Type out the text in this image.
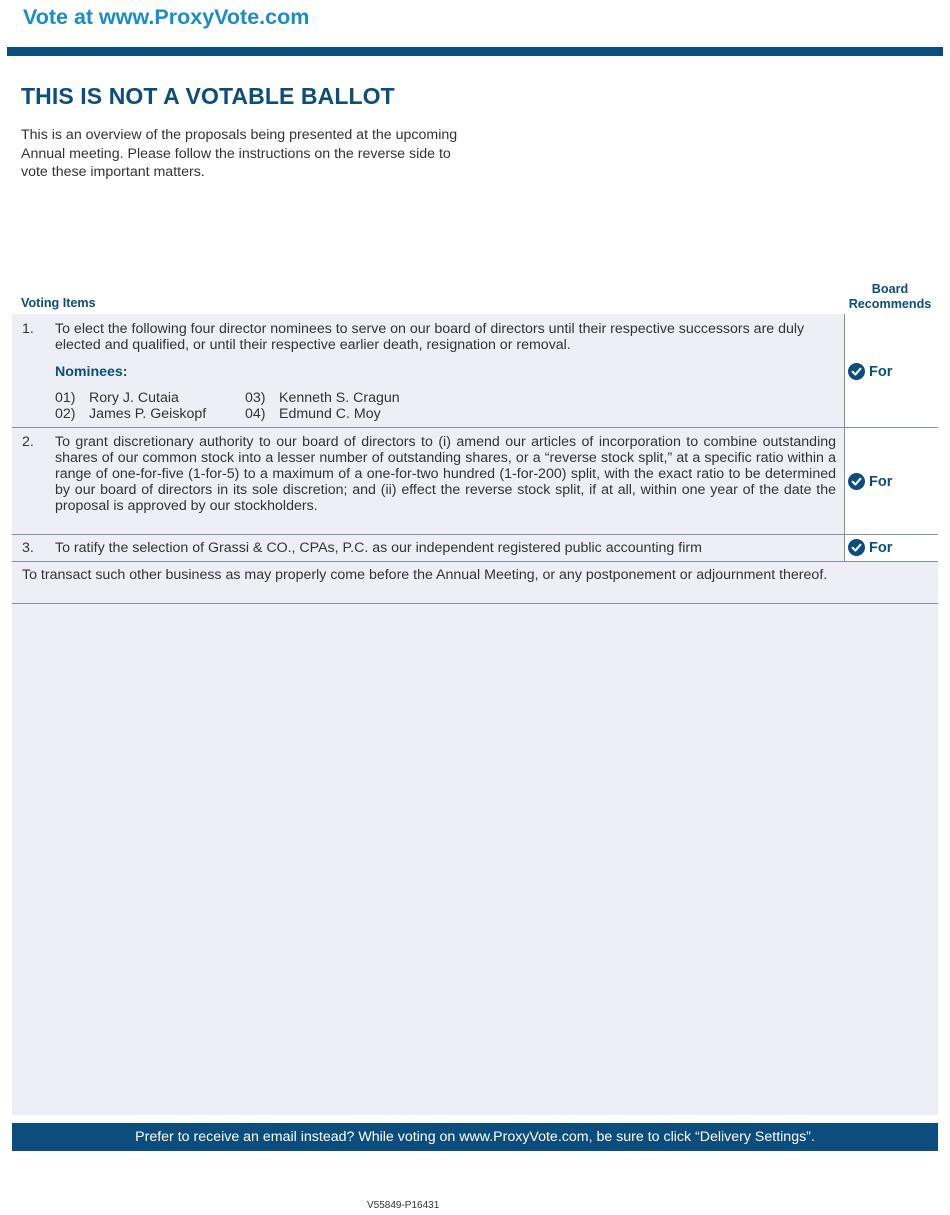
Vote at www.ProxyVote.com
THIS IS NOT A VOTABLE BALLOT

This is an overview of the proposals being presented at the upcoming Annual meeting. Please follow the instructions on the reverse side to vote these important matters.

Voting Items
Board
Recommends
1. To elect the following four director nominees to serve on our board of directors until their respective successors are duly elected and qualified, or until their respective earlier death, resignation or removal.
Nominees:
01) Rory J. Cutaia
02) James P. Geiskopf
03) Kenneth S. Cragun
04) Edmund C. Moy
For
2. To grant discretionary authority to our board of directors to (i) amend our articles of incorporation to combine outstanding shares of our common stock into a lesser number of outstanding shares, or a “reverse stock split,” at a specific ratio within a range of one-for-five (1-for-5) to a maximum of a one-for-two hundred (1-for-200) split, with the exact ratio to be determined by our board of directors in its sole discretion; and (ii) effect the reverse stock split, if at all, within one year of the date the proposal is approved by our stockholders.
For
3. To ratify the selection of Grassi & CO., CPAs, P.C. as our independent registered public accounting firm	For
To transact such other business as may properly come before the Annual Meeting, or any postponement or adjournment thereof.
Prefer to receive an email instead? While voting on www.ProxyVote.com, be sure to click “Delivery Settings”.
V55849-P16431
